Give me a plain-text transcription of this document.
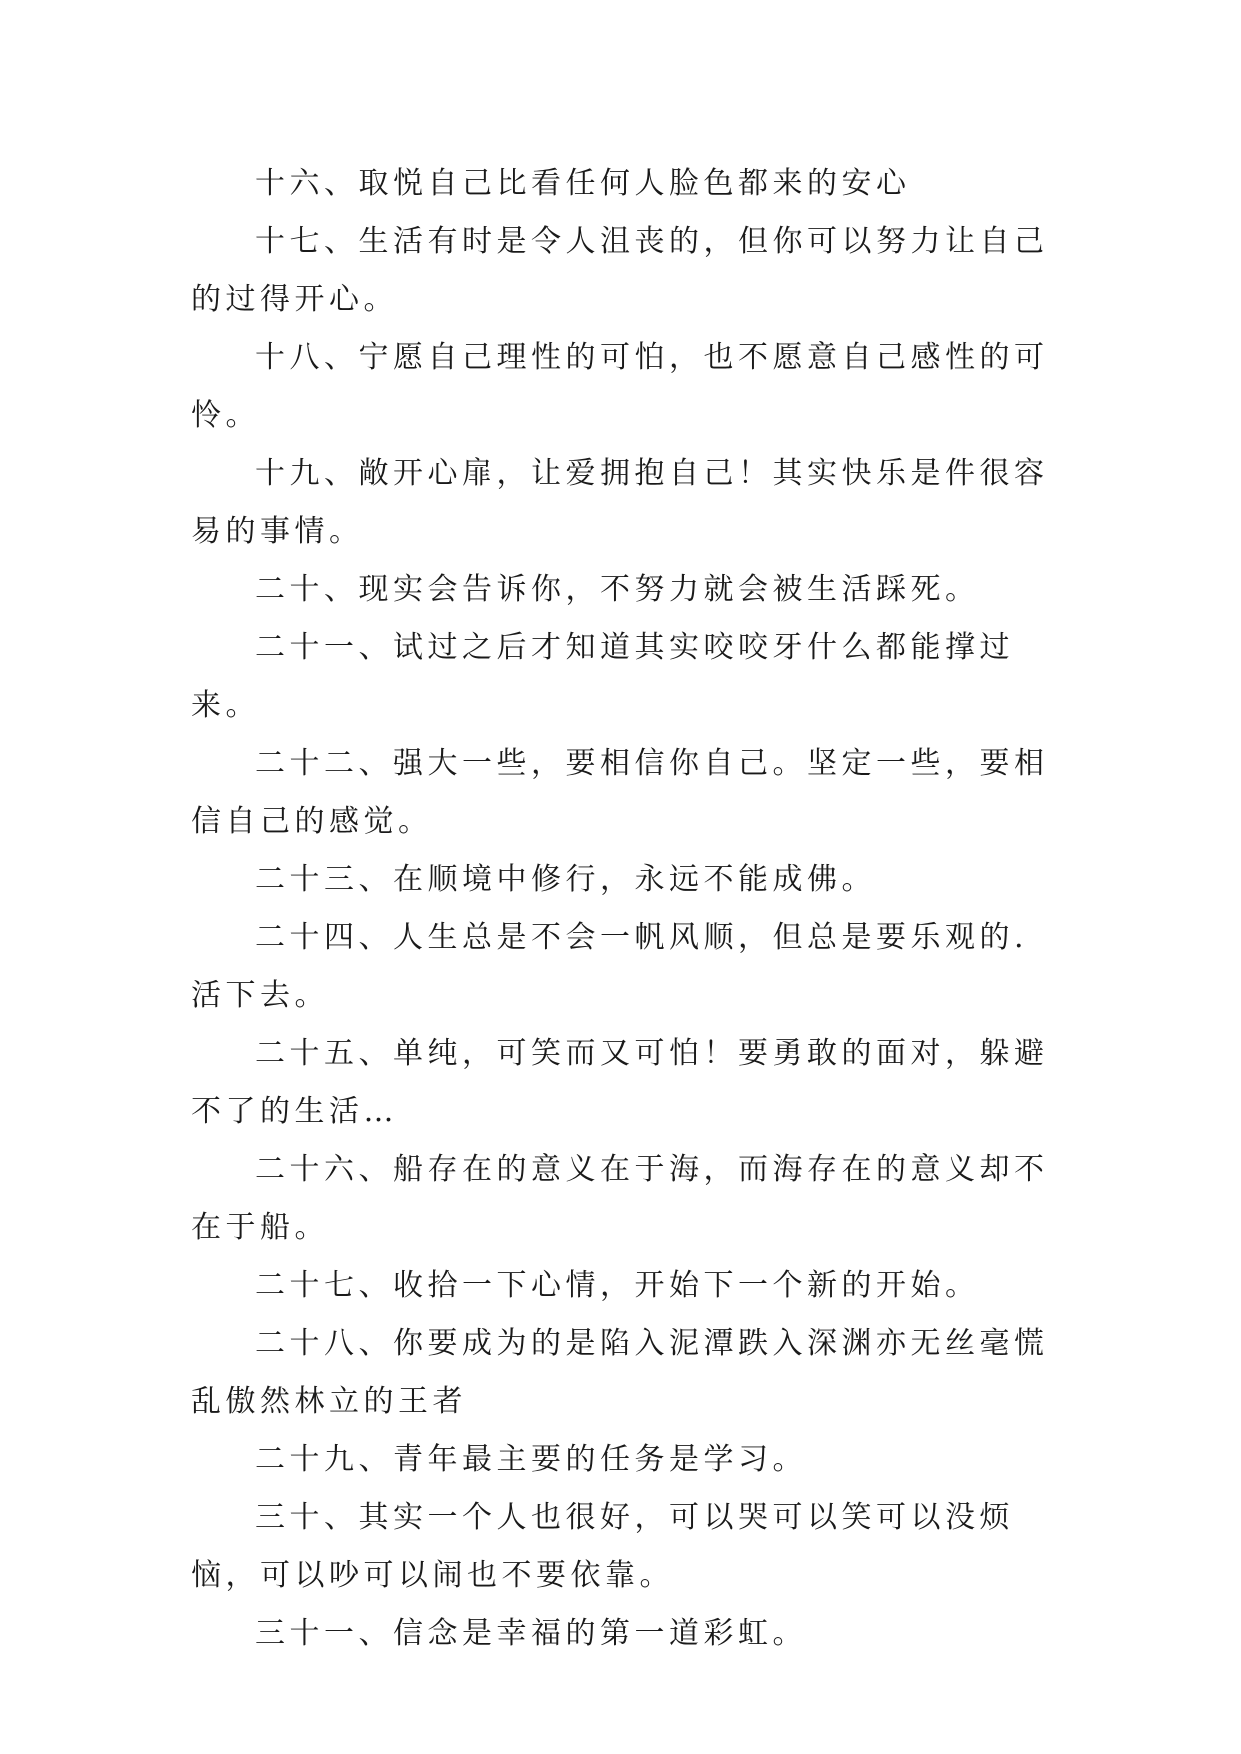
十六、取悦自己比看任何人脸色都来的安心

十七、生活有时是令人沮丧的，但你可以努力让自己的过得开心。

十八、宁愿自己理性的可怕，也不愿意自己感性的可怜。

十九、敞开心扉，让爱拥抱自己！其实快乐是件很容易的事情。

二十、现实会告诉你，不努力就会被生活踩死。

二十一、试过之后才知道其实咬咬牙什么都能撑过来。

二十二、强大一些，要相信你自己。坚定一些，要相信自己的感觉。

二十三、在顺境中修行，永远不能成佛。

二十四、人生总是不会一帆风顺，但总是要乐观的.活下去。

二十五、单纯，可笑而又可怕！要勇敢的面对，躲避不了的生活…

二十六、船存在的意义在于海，而海存在的意义却不在于船。

二十七、收拾一下心情，开始下一个新的开始。

二十八、你要成为的是陷入泥潭跌入深渊亦无丝毫慌乱傲然林立的王者

二十九、青年最主要的任务是学习。

三十、其实一个人也很好，可以哭可以笑可以没烦恼，可以吵可以闹也不要依靠。

三十一、信念是幸福的第一道彩虹。
